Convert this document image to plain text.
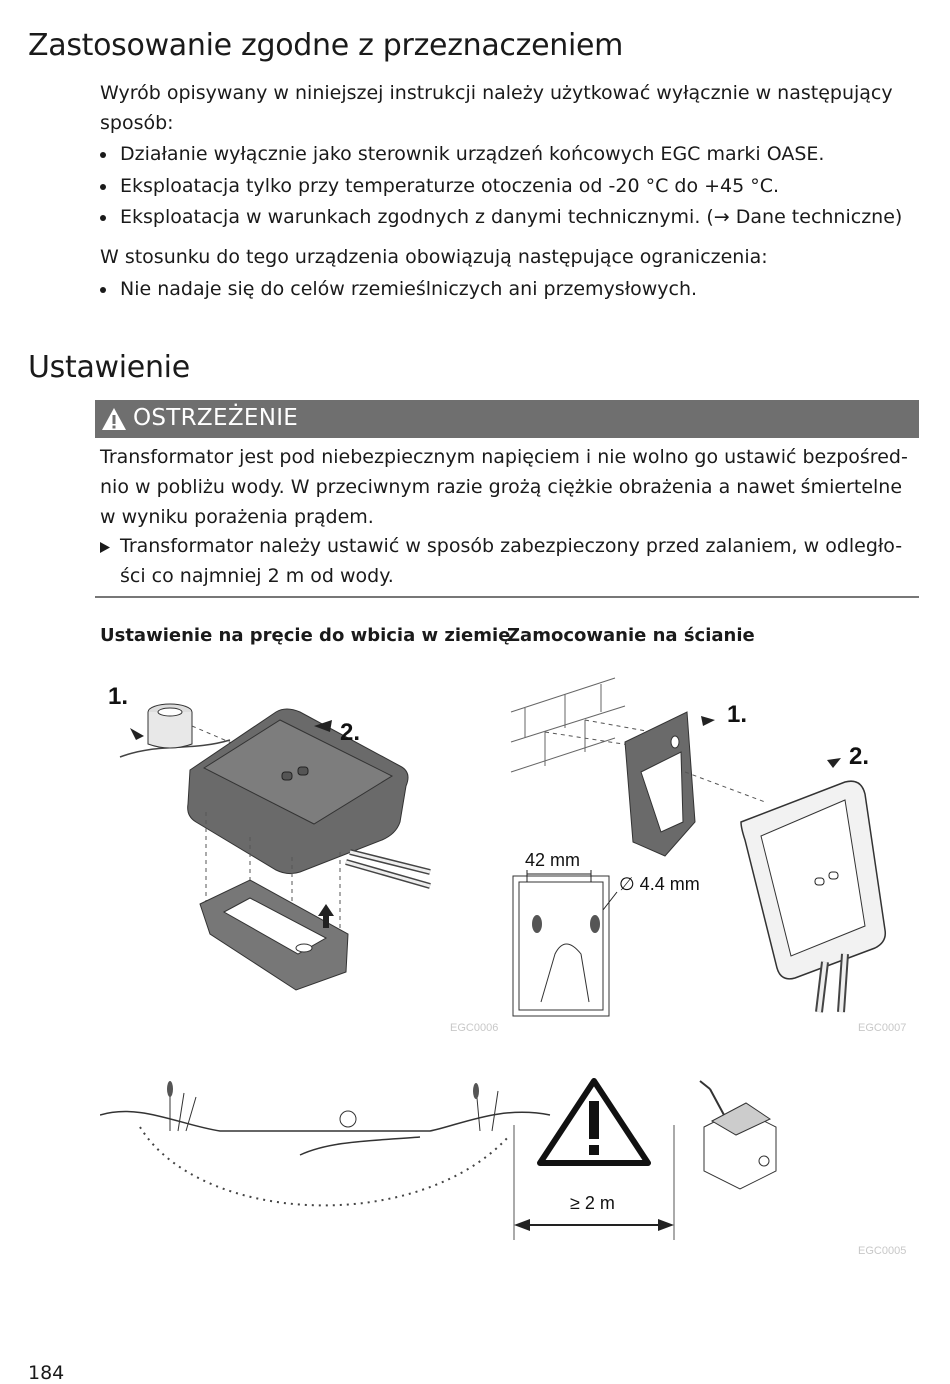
Zastosowanie zgodne z przeznaczeniem
Wyrób opisywany w niniejszej instrukcji należy użytkować wyłącznie w następujący
sposób:
Działanie wyłącznie jako sterownik urządzeń końcowych EGC marki OASE.
Eksploatacja tylko przy temperaturze otoczenia od -20 °C do +45 °C.
Eksploatacja w warunkach zgodnych z danymi technicznymi. (→ Dane techniczne)
W stosunku do tego urządzenia obowiązują następujące ograniczenia:
Nie nadaje się do celów rzemieślniczych ani przemysłowych.
Ustawienie
OSTRZEŻENIE
Transformator jest pod niebezpiecznym napięciem i nie wolno go ustawić bezpośred-
nio w pobliżu wody. W przeciwnym razie grożą ciężkie obrażenia a nawet śmiertelne
w wyniku porażenia prądem.
Transformator należy ustawić w sposób zabezpieczony przed zalaniem, w odległo-
ści co najmniej 2 m od wody.
Ustawienie na pręcie do wbicia w ziemię
Zamocowanie na ścianie
1.
2.
EGC0006
1.
2.
42 mm
∅ 4.4 mm
EGC0007
≥ 2 m
EGC0005
184
